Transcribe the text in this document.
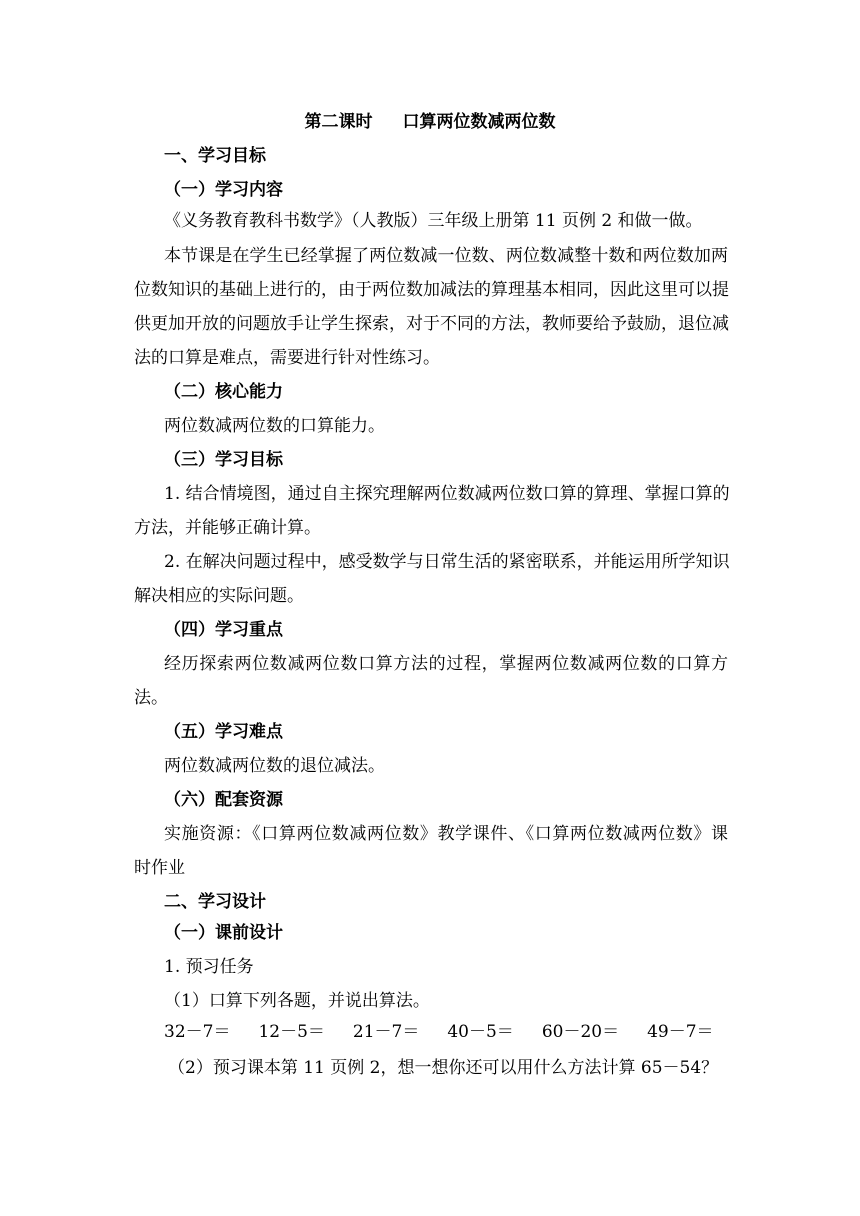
第二课时 口算两位数减两位数
一、学习目标
（一）学习内容
《义务教育教科书数学》（人教版）三年级上册第 11 页例 2 和做一做。
本节课是在学生已经掌握了两位数减一位数、两位数减整十数和两位数加两
位数知识的基础上进行的，由于两位数加减法的算理基本相同，因此这里可以提
供更加开放的问题放手让学生探索，对于不同的方法，教师要给予鼓励，退位减
法的口算是难点，需要进行针对性练习。
（二）核心能力
两位数减两位数的口算能力。
（三）学习目标
1. 结合情境图，通过自主探究理解两位数减两位数口算的算理、掌握口算的
方法，并能够正确计算。
2. 在解决问题过程中，感受数学与日常生活的紧密联系，并能运用所学知识
解决相应的实际问题。
（四）学习重点
经历探索两位数减两位数口算方法的过程，掌握两位数减两位数的口算方
法。
（五）学习难点
两位数减两位数的退位减法。
（六）配套资源
实施资源：《口算两位数减两位数》教学课件、《口算两位数减两位数》课
时作业
二、学习设计
（一）课前设计
1. 预习任务
（1）口算下列各题，并说出算法。
32－7＝ 12－5＝ 21－7＝ 40－5＝ 60－20＝ 49－7＝
（2）预习课本第 11 页例 2，想一想你还可以用什么方法计算 65－54？
